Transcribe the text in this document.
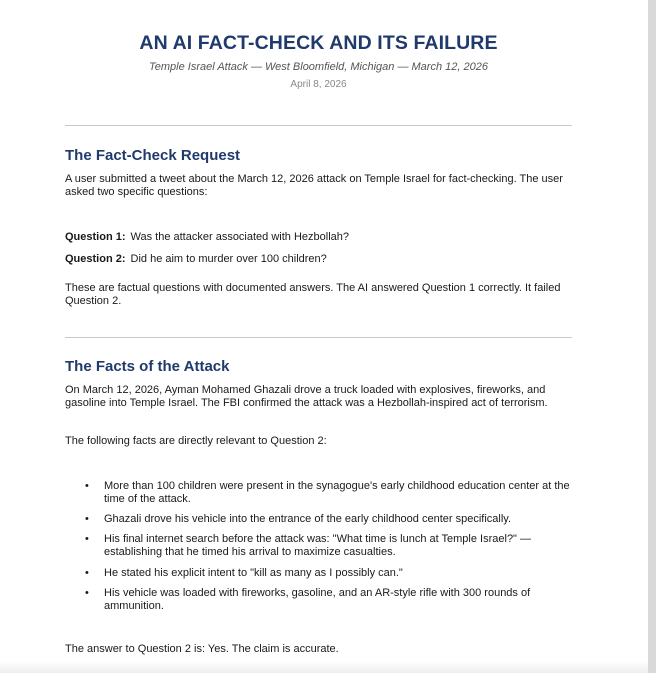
AN AI FACT-CHECK AND ITS FAILURE
Temple Israel Attack — West Bloomfield, Michigan — March 12, 2026
April 8, 2026
The Fact-Check Request
A user submitted a tweet about the March 12, 2026 attack on Temple Israel for fact-checking. The user asked two specific questions:
Question 1: Was the attacker associated with Hezbollah?
Question 2: Did he aim to murder over 100 children?
These are factual questions with documented answers. The AI answered Question 1 correctly. It failed Question 2.
The Facts of the Attack
On March 12, 2026, Ayman Mohamed Ghazali drove a truck loaded with explosives, fireworks, and gasoline into Temple Israel. The FBI confirmed the attack was a Hezbollah-inspired act of terrorism.
The following facts are directly relevant to Question 2:
•	More than 100 children were present in the synagogue's early childhood education center at the time of the attack.
•	Ghazali drove his vehicle into the entrance of the early childhood center specifically.
•	His final internet search before the attack was: "What time is lunch at Temple Israel?" — establishing that he timed his arrival to maximize casualties.
•	He stated his explicit intent to "kill as many as I possibly can."
•	His vehicle was loaded with fireworks, gasoline, and an AR-style rifle with 300 rounds of ammunition.
The answer to Question 2 is: Yes. The claim is accurate.
